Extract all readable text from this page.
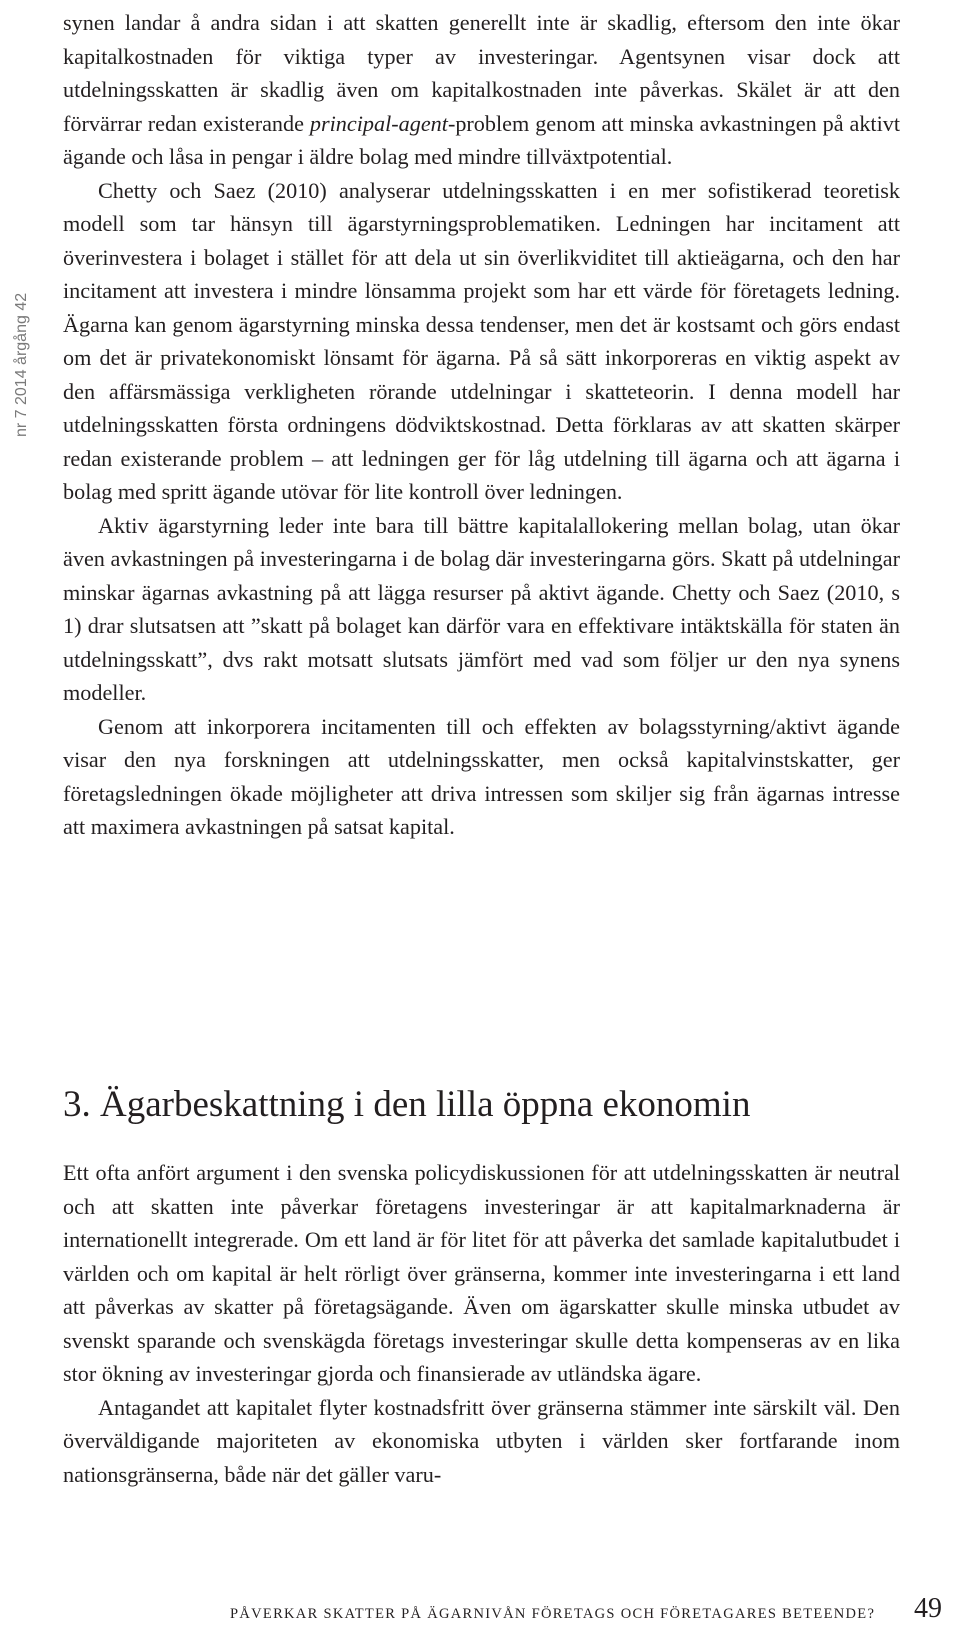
nr 7 2014 årgång 42

synen landar å andra sidan i att skatten generellt inte är skadlig, eftersom den inte ökar kapitalkostnaden för viktiga typer av investeringar. Agentsynen visar dock att utdelningsskatten är skadlig även om kapitalkostnaden inte påverkas. Skälet är att den förvärrar redan existerande principal-agent-problem genom att minska avkastningen på aktivt ägande och låsa in pengar i äldre bolag med mindre tillväxtpotential.

Chetty och Saez (2010) analyserar utdelningsskatten i en mer sofistikerad teoretisk modell som tar hänsyn till ägarstyrningsproblematiken. Ledningen har incitament att överinvestera i bolaget i stället för att dela ut sin överlikviditet till aktieägarna, och den har incitament att investera i mindre lönsamma projekt som har ett värde för företagets ledning. Ägarna kan genom ägarstyrning minska dessa tendenser, men det är kostsamt och görs endast om det är privatekonomiskt lönsamt för ägarna. På så sätt inkorporeras en viktig aspekt av den affärsmässiga verkligheten rörande utdelningar i skatteteorin. I denna modell har utdelningsskatten första ordningens dödviktskostnad. Detta förklaras av att skatten skärper redan existerande problem – att ledningen ger för låg utdelning till ägarna och att ägarna i bolag med spritt ägande utövar för lite kontroll över ledningen.

Aktiv ägarstyrning leder inte bara till bättre kapitalallokering mellan bolag, utan ökar även avkastningen på investeringarna i de bolag där investeringarna görs. Skatt på utdelningar minskar ägarnas avkastning på att lägga resurser på aktivt ägande. Chetty och Saez (2010, s 1) drar slutsatsen att ”skatt på bolaget kan därför vara en effektivare intäktskälla för staten än utdelningsskatt”, dvs rakt motsatt slutsats jämfört med vad som följer ur den nya synens modeller.

Genom att inkorporera incitamenten till och effekten av bolagsstyrning/aktivt ägande visar den nya forskningen att utdelningsskatter, men också kapitalvinstskatter, ger företagsledningen ökade möjligheter att driva intressen som skiljer sig från ägarnas intresse att maximera avkastningen på satsat kapital.

3. Ägarbeskattning i den lilla öppna ekonomin

Ett ofta anfört argument i den svenska policydiskussionen för att utdelningsskatten är neutral och att skatten inte påverkar företagens investeringar är att kapitalmarknaderna är internationellt integrerade. Om ett land är för litet för att påverka det samlade kapitalutbudet i världen och om kapital är helt rörligt över gränserna, kommer inte investeringarna i ett land att påverkas av skatter på företagsägande. Även om ägarskatter skulle minska utbudet av svenskt sparande och svenskägda företags investeringar skulle detta kompenseras av en lika stor ökning av investeringar gjorda och finansierade av utländska ägare.

Antagandet att kapitalet flyter kostnadsfritt över gränserna stämmer inte särskilt väl. Den överväldigande majoriteten av ekonomiska utbyten i världen sker fortfarande inom nationsgränserna, både när det gäller varu-

PÅVERKAR SKATTER PÅ ÄGARNIVÅN FÖRETAGS OCH FÖRETAGARES BETEENDE? 49
